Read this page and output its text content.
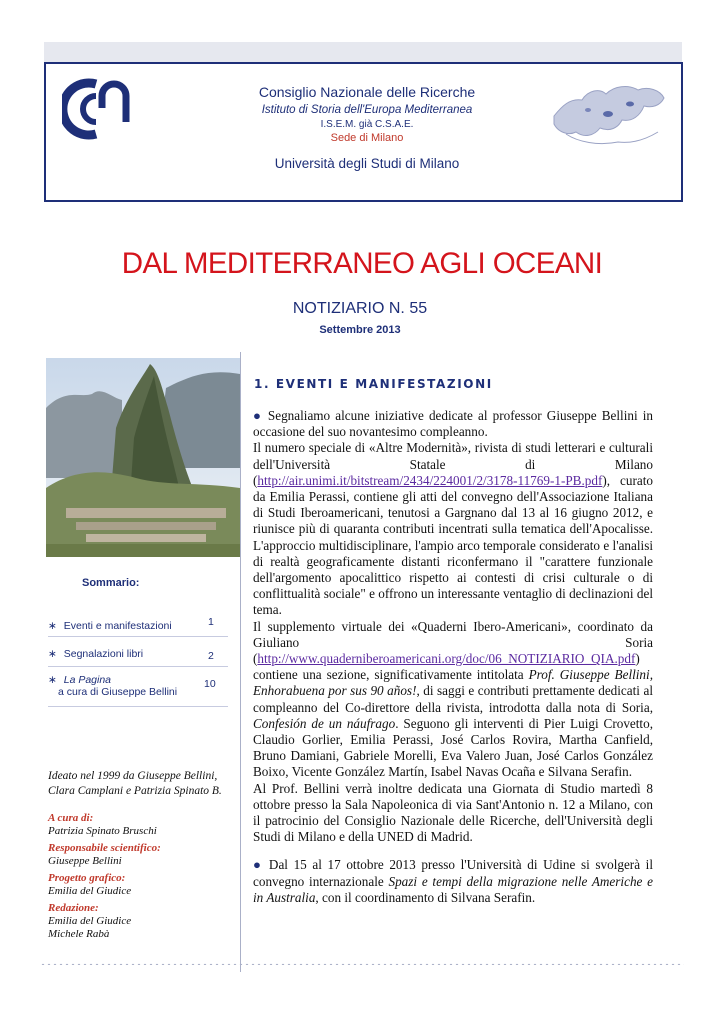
Consiglio Nazionale delle Ricerche
Istituto di Storia dell'Europa Mediterranea
I.S.E.M. già C.S.A.E.
Sede di Milano
Università degli Studi di Milano
DAL MEDITERRANEO AGLI OCEANI
NOTIZIARIO N. 55
Settembre 2013
Sommario:
∗ Eventi e manifestazioni	1
∗ Segnalazioni libri	2
∗ La Pagina
a cura di Giuseppe Bellini
10
Ideato nel 1999 da Giuseppe Bellini, Clara Camplani e Patrizia Spinato B.
A cura di:
Patrizia Spinato Bruschi
Responsabile scientifico:
Giuseppe Bellini
Progetto grafico:
Emilia del Giudice
Redazione:
Emilia del Giudice
Michele Rabà
1. EVENTI E MANIFESTAZIONI

● Segnaliamo alcune iniziative dedicate al professor Giuseppe Bellini in occasione del suo novantesimo compleanno.
Il numero speciale di «Altre Modernità», rivista di studi letterari e culturali dell'Università Statale di Milano (http://air.unimi.it/bitstream/2434/224001/2/3178-11769-1-PB.pdf), curato da Emilia Perassi, contiene gli atti del convegno dell'Associazione Italiana di Studi Iberoamericani, tenutosi a Gargnano dal 13 al 16 giugno 2012, e riunisce più di quaranta contributi incentrati sulla tematica dell'Apocalisse. L'approccio multidisciplinare, l'ampio arco temporale considerato e l'analisi di realtà geograficamente distanti riconfermano il "carattere funzionale dell'argomento apocalittico rispetto ai contesti di crisi culturale o di conflittualità sociale" e offrono un interessante ventaglio di declinazioni del tema.
Il supplemento virtuale dei «Quaderni Ibero-Americani», coordinato da Giuliano Soria (http://www.quaderniberoamericani.org/doc/06_NOTIZIARIO_QIA.pdf) contiene una sezione, significativamente intitolata Prof. Giuseppe Bellini, Enhorabuena por sus 90 años!, di saggi e contributi prettamente dedicati al compleanno del Co-direttore della rivista, introdotta dalla nota di Soria, Confesión de un náufrago. Seguono gli interventi di Pier Luigi Crovetto, Claudio Gorlier, Emilia Perassi, José Carlos Rovira, Martha Canfield, Bruno Damiani, Gabriele Morelli, Eva Valero Juan, José Carlos González Boixo, Vicente González Martín, Isabel Navas Ocaña e Silvana Serafin.
Al Prof. Bellini verrà inoltre dedicata una Giornata di Studio martedì 8 ottobre presso la Sala Napoleonica di via Sant'Antonio n. 12 a Milano, con il patrocinio del Consiglio Nazionale delle Ricerche, dell'Università degli Studi di Milano e della UNED di Madrid.

● Dal 15 al 17 ottobre 2013 presso l'Università di Udine si svolgerà il convegno internazionale Spazi e tempi della migrazione nelle Americhe e in Australia, con il coordinamento di Silvana Serafin.
